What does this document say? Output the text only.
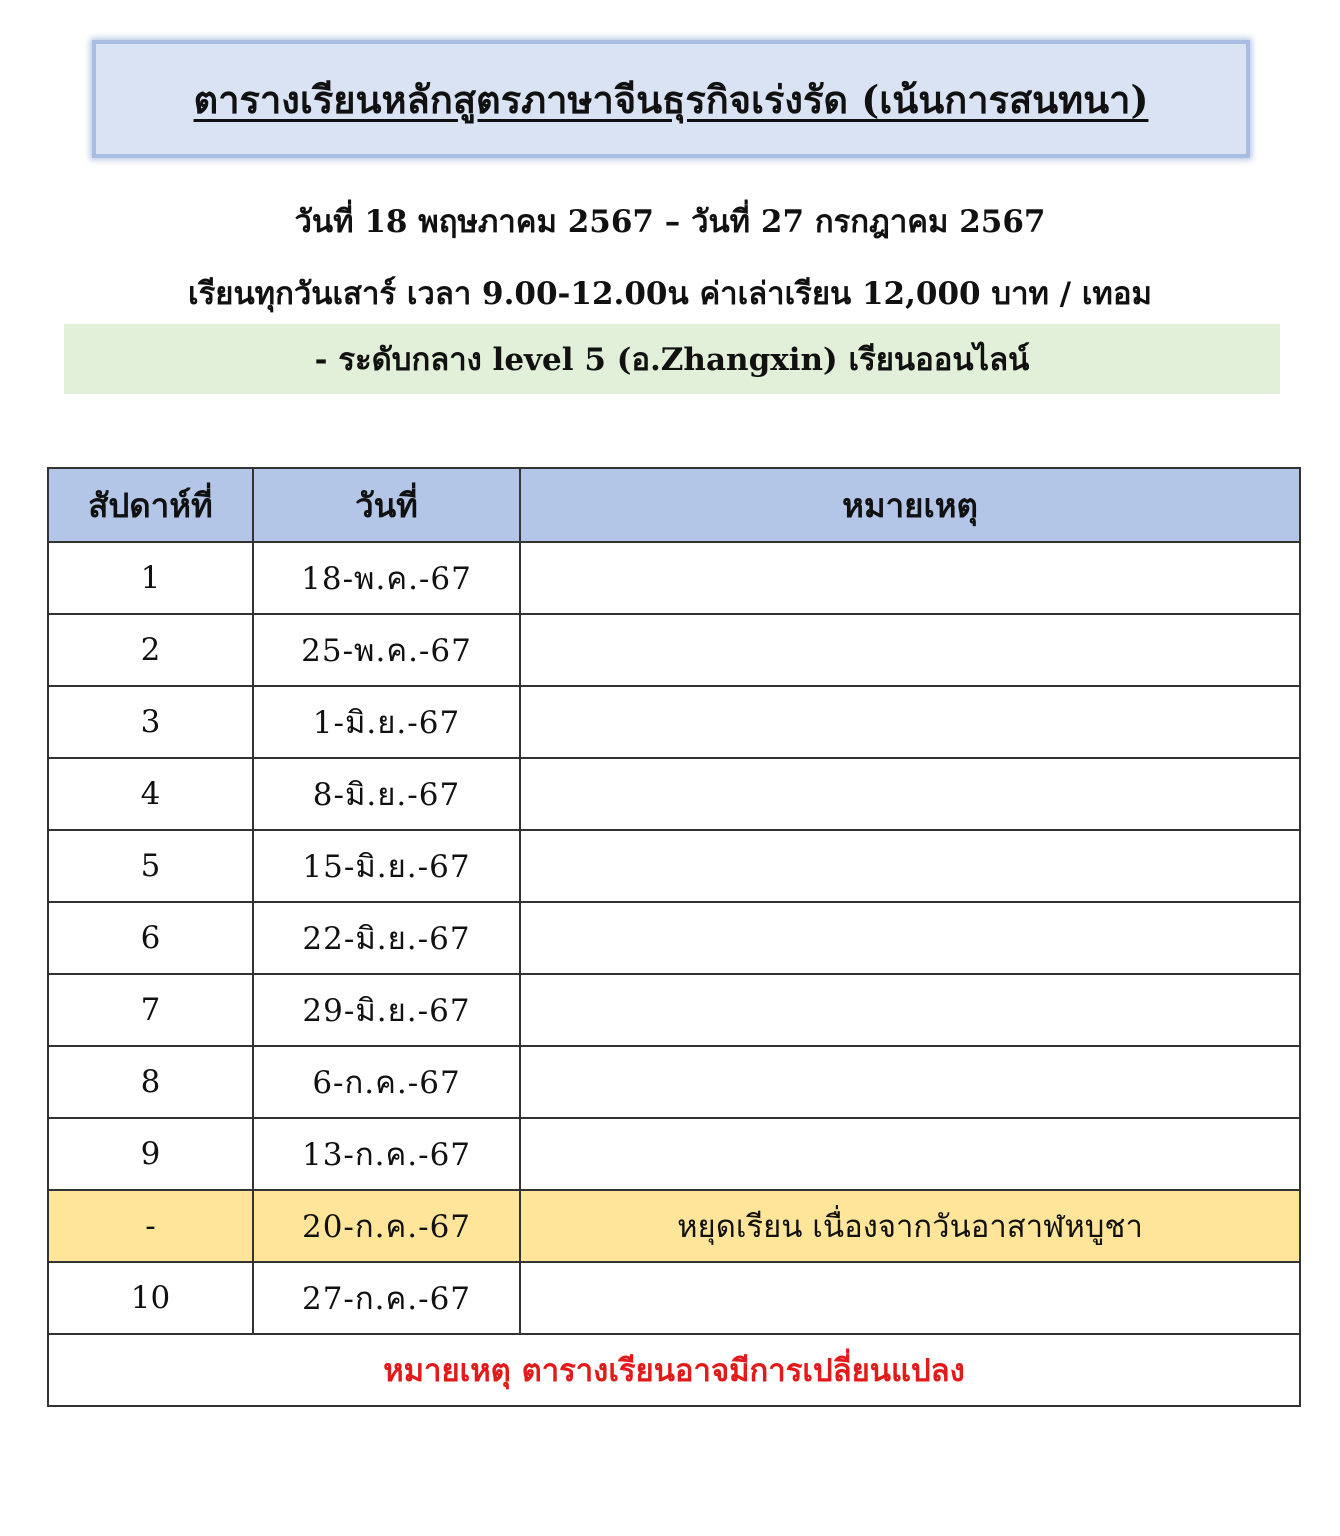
ตารางเรียนหลักสูตรภาษาจีนธุรกิจเร่งรัด (เน้นการสนทนา)
วันที่ 18 พฤษภาคม 2567 – วันที่ 27 กรกฎาคม 2567
เรียนทุกวันเสาร์ เวลา 9.00-12.00น ค่าเล่าเรียน 12,000 บาท / เทอม
- ระดับกลาง level 5 (อ.Zhangxin) เรียนออนไลน์
สัปดาห์ที่	วันที่	หมายเหตุ
1	18-พ.ค.-67	
2	25-พ.ค.-67	
3	1-มิ.ย.-67	
4	8-มิ.ย.-67	
5	15-มิ.ย.-67	
6	22-มิ.ย.-67	
7	29-มิ.ย.-67	
8	6-ก.ค.-67	
9	13-ก.ค.-67	
-	20-ก.ค.-67	หยุดเรียน เนื่องจากวันอาสาฬหบูชา
10	27-ก.ค.-67	
หมายเหตุ ตารางเรียนอาจมีการเปลี่ยนแปลง		
